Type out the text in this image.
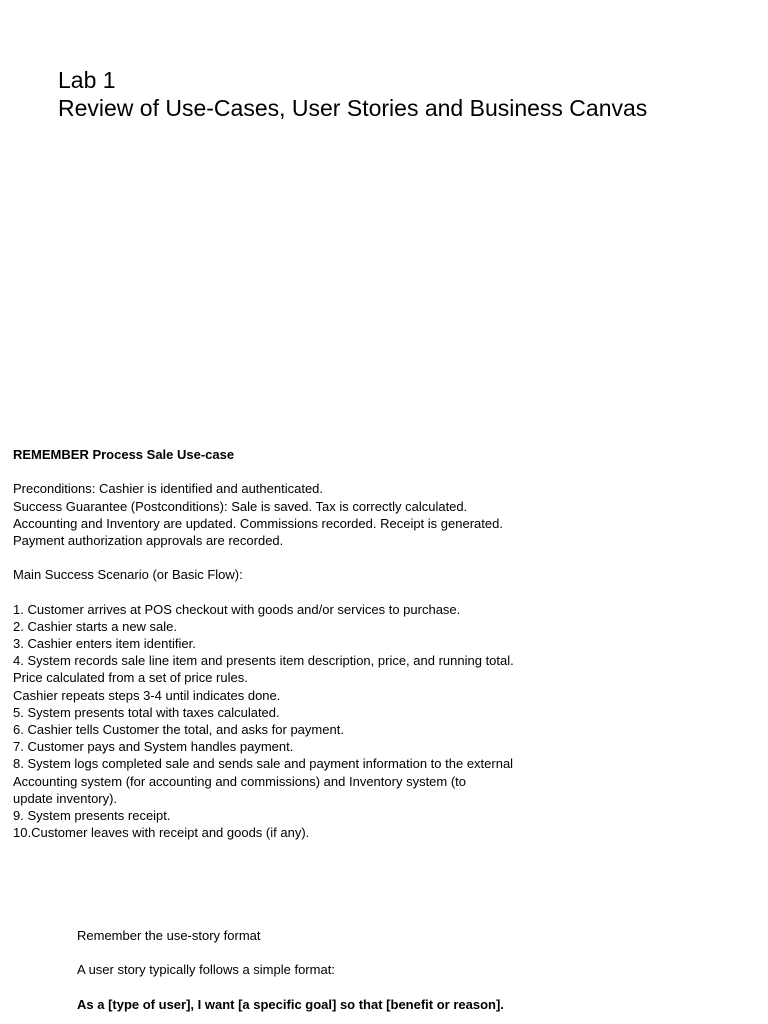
Lab 1
Review of Use-Cases, User Stories and Business Canvas
REMEMBER Process Sale Use-case
Preconditions: Cashier is identified and authenticated.
Success Guarantee (Postconditions): Sale is saved. Tax is correctly calculated.
Accounting and Inventory are updated. Commissions recorded. Receipt is generated.
Payment authorization approvals are recorded.
Main Success Scenario (or Basic Flow):
1. Customer arrives at POS checkout with goods and/or services to purchase.
2. Cashier starts a new sale.
3. Cashier enters item identifier.
4. System records sale line item and presents item description, price, and running total.
Price calculated from a set of price rules.
Cashier repeats steps 3-4 until indicates done.
5. System presents total with taxes calculated.
6. Cashier tells Customer the total, and asks for payment.
7. Customer pays and System handles payment.
8. System logs completed sale and sends sale and payment information to the external
Accounting system (for accounting and commissions) and Inventory system (to
update inventory).
9. System presents receipt.
10.Customer leaves with receipt and goods (if any).
Remember the use-story format
A user story typically follows a simple format:
As a [type of user], I want [a specific goal] so that [benefit or reason].
